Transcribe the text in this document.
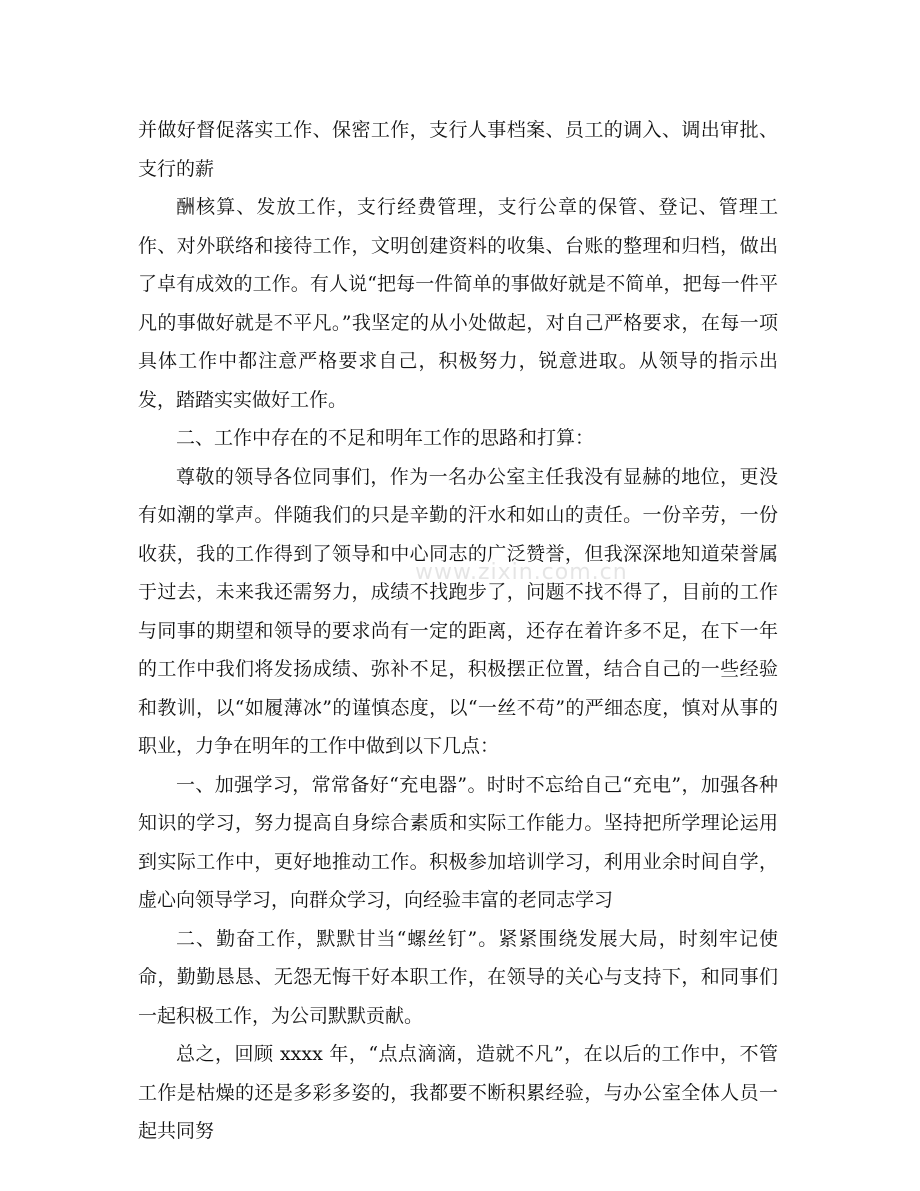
并做好督促落实工作、保密工作，支行人事档案、员工的调入、调出审批、支行的薪

酬核算、发放工作，支行经费管理，支行公章的保管、登记、管理工作、对外联络和接待工作，文明创建资料的收集、台账的整理和归档，做出了卓有成效的工作。有人说“把每一件简单的事做好就是不简单，把每一件平凡的事做好就是不平凡。”我坚定的从小处做起，对自己严格要求，在每一项具体工作中都注意严格要求自己，积极努力，锐意进取。从领导的指示出发，踏踏实实做好工作。

二、工作中存在的不足和明年工作的思路和打算：

尊敬的领导各位同事们，作为一名办公室主任我没有显赫的地位，更没有如潮的掌声。伴随我们的只是辛勤的汗水和如山的责任。一份辛劳，一份收获，我的工作得到了领导和中心同志的广泛赞誉，但我深深地知道荣誉属于过去，未来我还需努力，成绩不找跑步了，问题不找不得了，目前的工作与同事的期望和领导的要求尚有一定的距离，还存在着许多不足，在下一年的工作中我们将发扬成绩、弥补不足，积极摆正位置，结合自己的一些经验和教训，以“如履薄冰”的谨慎态度，以“一丝不苟”的严细态度，慎对从事的职业，力争在明年的工作中做到以下几点：

一、加强学习，常常备好“充电器”。时时不忘给自己“充电”，加强各种知识的学习，努力提高自身综合素质和实际工作能力。坚持把所学理论运用到实际工作中，更好地推动工作。积极参加培训学习，利用业余时间自学，虚心向领导学习，向群众学习，向经验丰富的老同志学习

二、勤奋工作，默默甘当“螺丝钉”。紧紧围绕发展大局，时刻牢记使命，勤勤恳恳、无怨无悔干好本职工作，在领导的关心与支持下，和同事们一起积极工作，为公司默默贡献。

总之，回顾 xxxx 年，“点点滴滴，造就不凡”，在以后的工作中，不管工作是枯燥的还是多彩多姿的，我都要不断积累经验，与办公室全体人员一起共同努

www.zixin.com.cn
